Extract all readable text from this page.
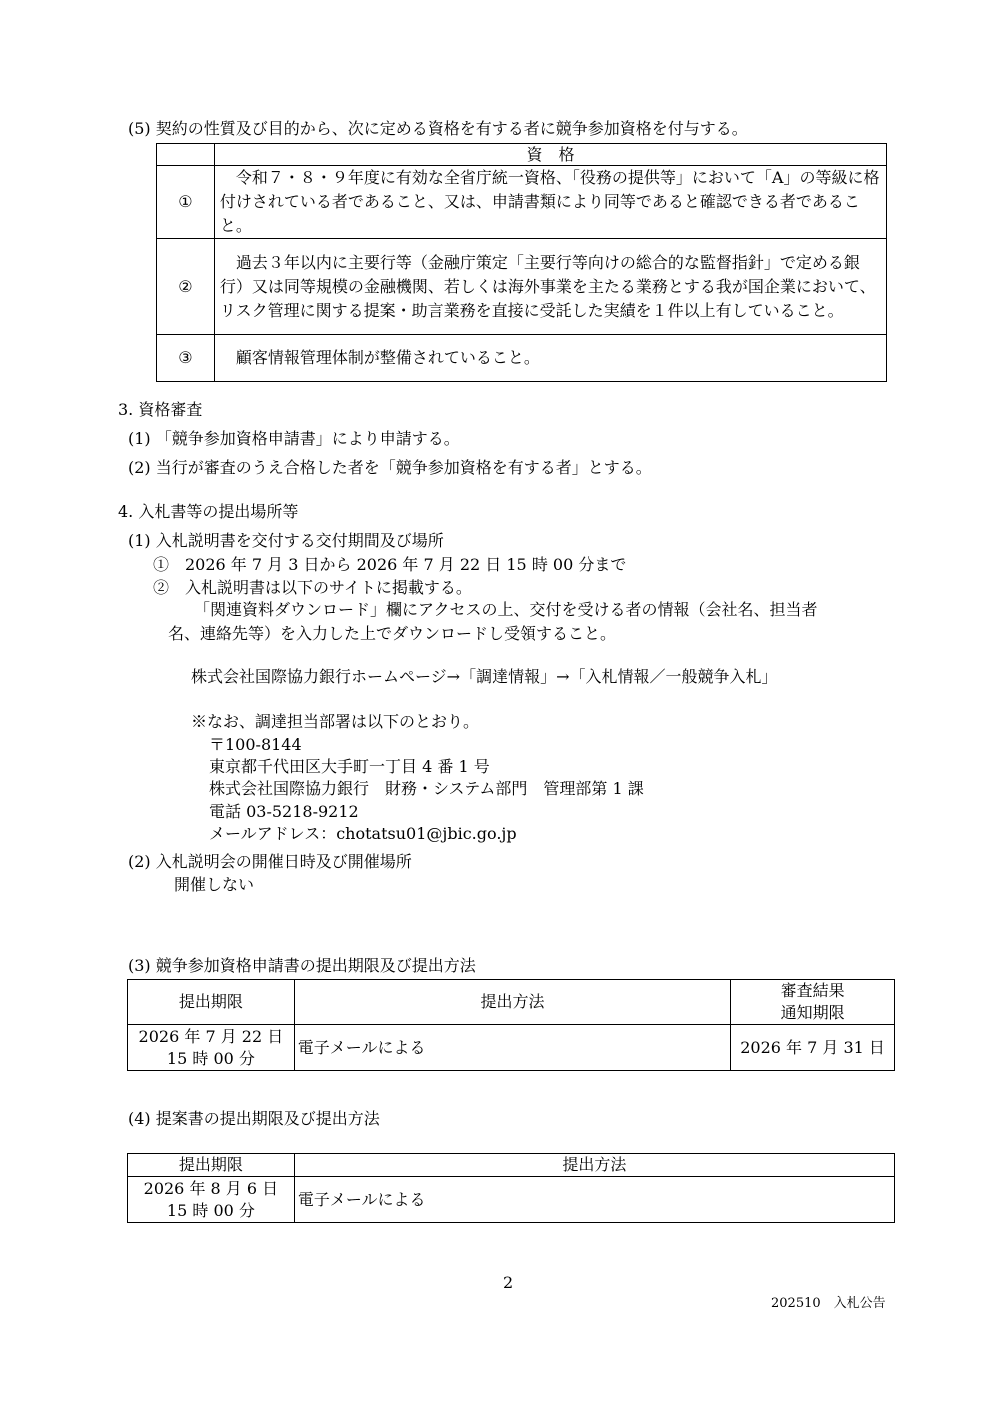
(5) 契約の性質及び目的から、次に定める資格を有する者に競争参加資格を付与する。
	資　格
①	令和７・８・９年度に有効な全省庁統一資格、「役務の提供等」において「A」の等級に格付けされている者であること、又は、申請書類により同等であると確認できる者であること。
②	過去３年以内に主要行等（金融庁策定「主要行等向けの総合的な監督指針」で定める銀行）又は同等規模の金融機関、若しくは海外事業を主たる業務とする我が国企業において、リスク管理に関する提案・助言業務を直接に受託した実績を１件以上有していること。
③	顧客情報管理体制が整備されていること。
3. 資格審査
(1) 「競争参加資格申請書」により申請する。
(2) 当行が審査のうえ合格した者を「競争参加資格を有する者」とする。
4. 入札書等の提出場所等
(1) 入札説明書を交付する交付期間及び場所
①　2026 年 7 月 3 日から 2026 年 7 月 22 日 15 時 00 分まで
②　入札説明書は以下のサイトに掲載する。
「関連資料ダウンロード」欄にアクセスの上、交付を受ける者の情報（会社名、担当者
名、連絡先等）を入力した上でダウンロードし受領すること。
株式会社国際協力銀行ホームページ→「調達情報」→「入札情報／一般競争入札」
※なお、調達担当部署は以下のとおり。
〒100-8144
東京都千代田区大手町一丁目 4 番 1 号
株式会社国際協力銀行　財務・システム部門　管理部第 1 課
電話 03-5218-9212
メールアドレス：chotatsu01@jbic.go.jp
(2) 入札説明会の開催日時及び開催場所
開催しない
(3) 競争参加資格申請書の提出期限及び提出方法
提出期限	提出方法	審査結果
通知期限

2026 年 7 月 22 日
15 時 00 分	電子メールによる	2026 年 7 月 31 日
(4) 提案書の提出期限及び提出方法
提出期限	提出方法

2026 年 8 月 6 日
15 時 00 分	電子メールによる
2
202510　入札公告
